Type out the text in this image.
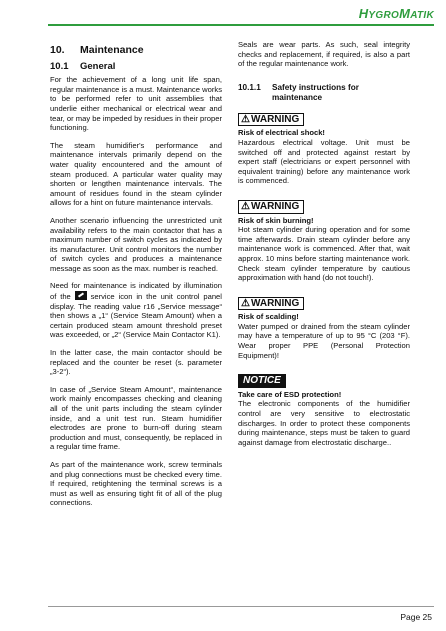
HYGROMATIK
10. Maintenance
10.1 General

For the achievement of a long unit life span, regular maintenance is a must. Maintenance works to be performed refer to unit assemblies that underlie either mechanical or electrical wear and tear, or may be impeded by residues in their proper functioning.

The steam humidifier's performance and maintenance intervals primarily depend on the water quality encountered and the amount of steam produced. A particular water quality may shorten or lengthen maintenance intervals. The amount of residues found in the steam cylinder allows for a hint on future maintenance intervals.

Another scenario influencing the unrestricted unit availability refers to the main contactor that has a maximum number of switch cycles as indicated by its manufacturer. Unit control monitors the number of switch cycles and produces a maintenance message as soon as the max. number is reached.

Need for maintenance is indicated by illumination of the	service icon in the unit control panel display. The reading value r16 „Service message“ then shows a „1“ (Service Steam Amount) when a certain produced steam amount threshold preset was exceeded, or „2“ (Service Main Contactor K1).

In the latter case, the main contactor should be replaced and the counter be reset (s. parameter „3-2“).

In case of „Service Steam Amount“, maintenance work mainly encompasses checking and cleaning all of the unit parts including the steam cylinder inside, and a unit test run. Steam humidifier electrodes are prone to burn-off during steam production and must, consequently, be replaced in a regular time frame.

As part of the maintenance work, screw terminals and plug connections must be checked every time. If required, retightening the terminal screws is a must as well as ensuring tight fit of all of the plug connections.

Seals are wear parts. As such, seal integrity checks and replacement, if required, is also a part of the regular maintenance work.

10.1.1	Safety instructions for maintenance
⚠ WARNING

Risk of electrical shock!

Hazardous electrical voltage. Unit must be switched off and protected against restart by expert staff (electricians or expert personnel with equivalent training) before any maintenance work is commenced.

⚠ WARNING

Risk of skin burning!

Hot steam cylinder during operation and for some time afterwards. Drain steam cylinder before any maintenance work is commenced. After that, wait approx. 10 mins before starting maintenance work. Check steam cylinder temperature by cautious approximation with hand (do not touch!).

⚠ WARNING

Risk of scalding!

Water pumped or drained from the steam cylinder may have a temperature of up to 95 °C (203 °F). Wear proper PPE (Personal Protection Equipment)!

NOTICE

Take care of ESD protection!

The electronic components of the humidifier control are very sensitive to electrostatic discharges. In order to protect these components during maintenance, steps must be taken to guard against damage from electrostatic discharge..

Page 25
